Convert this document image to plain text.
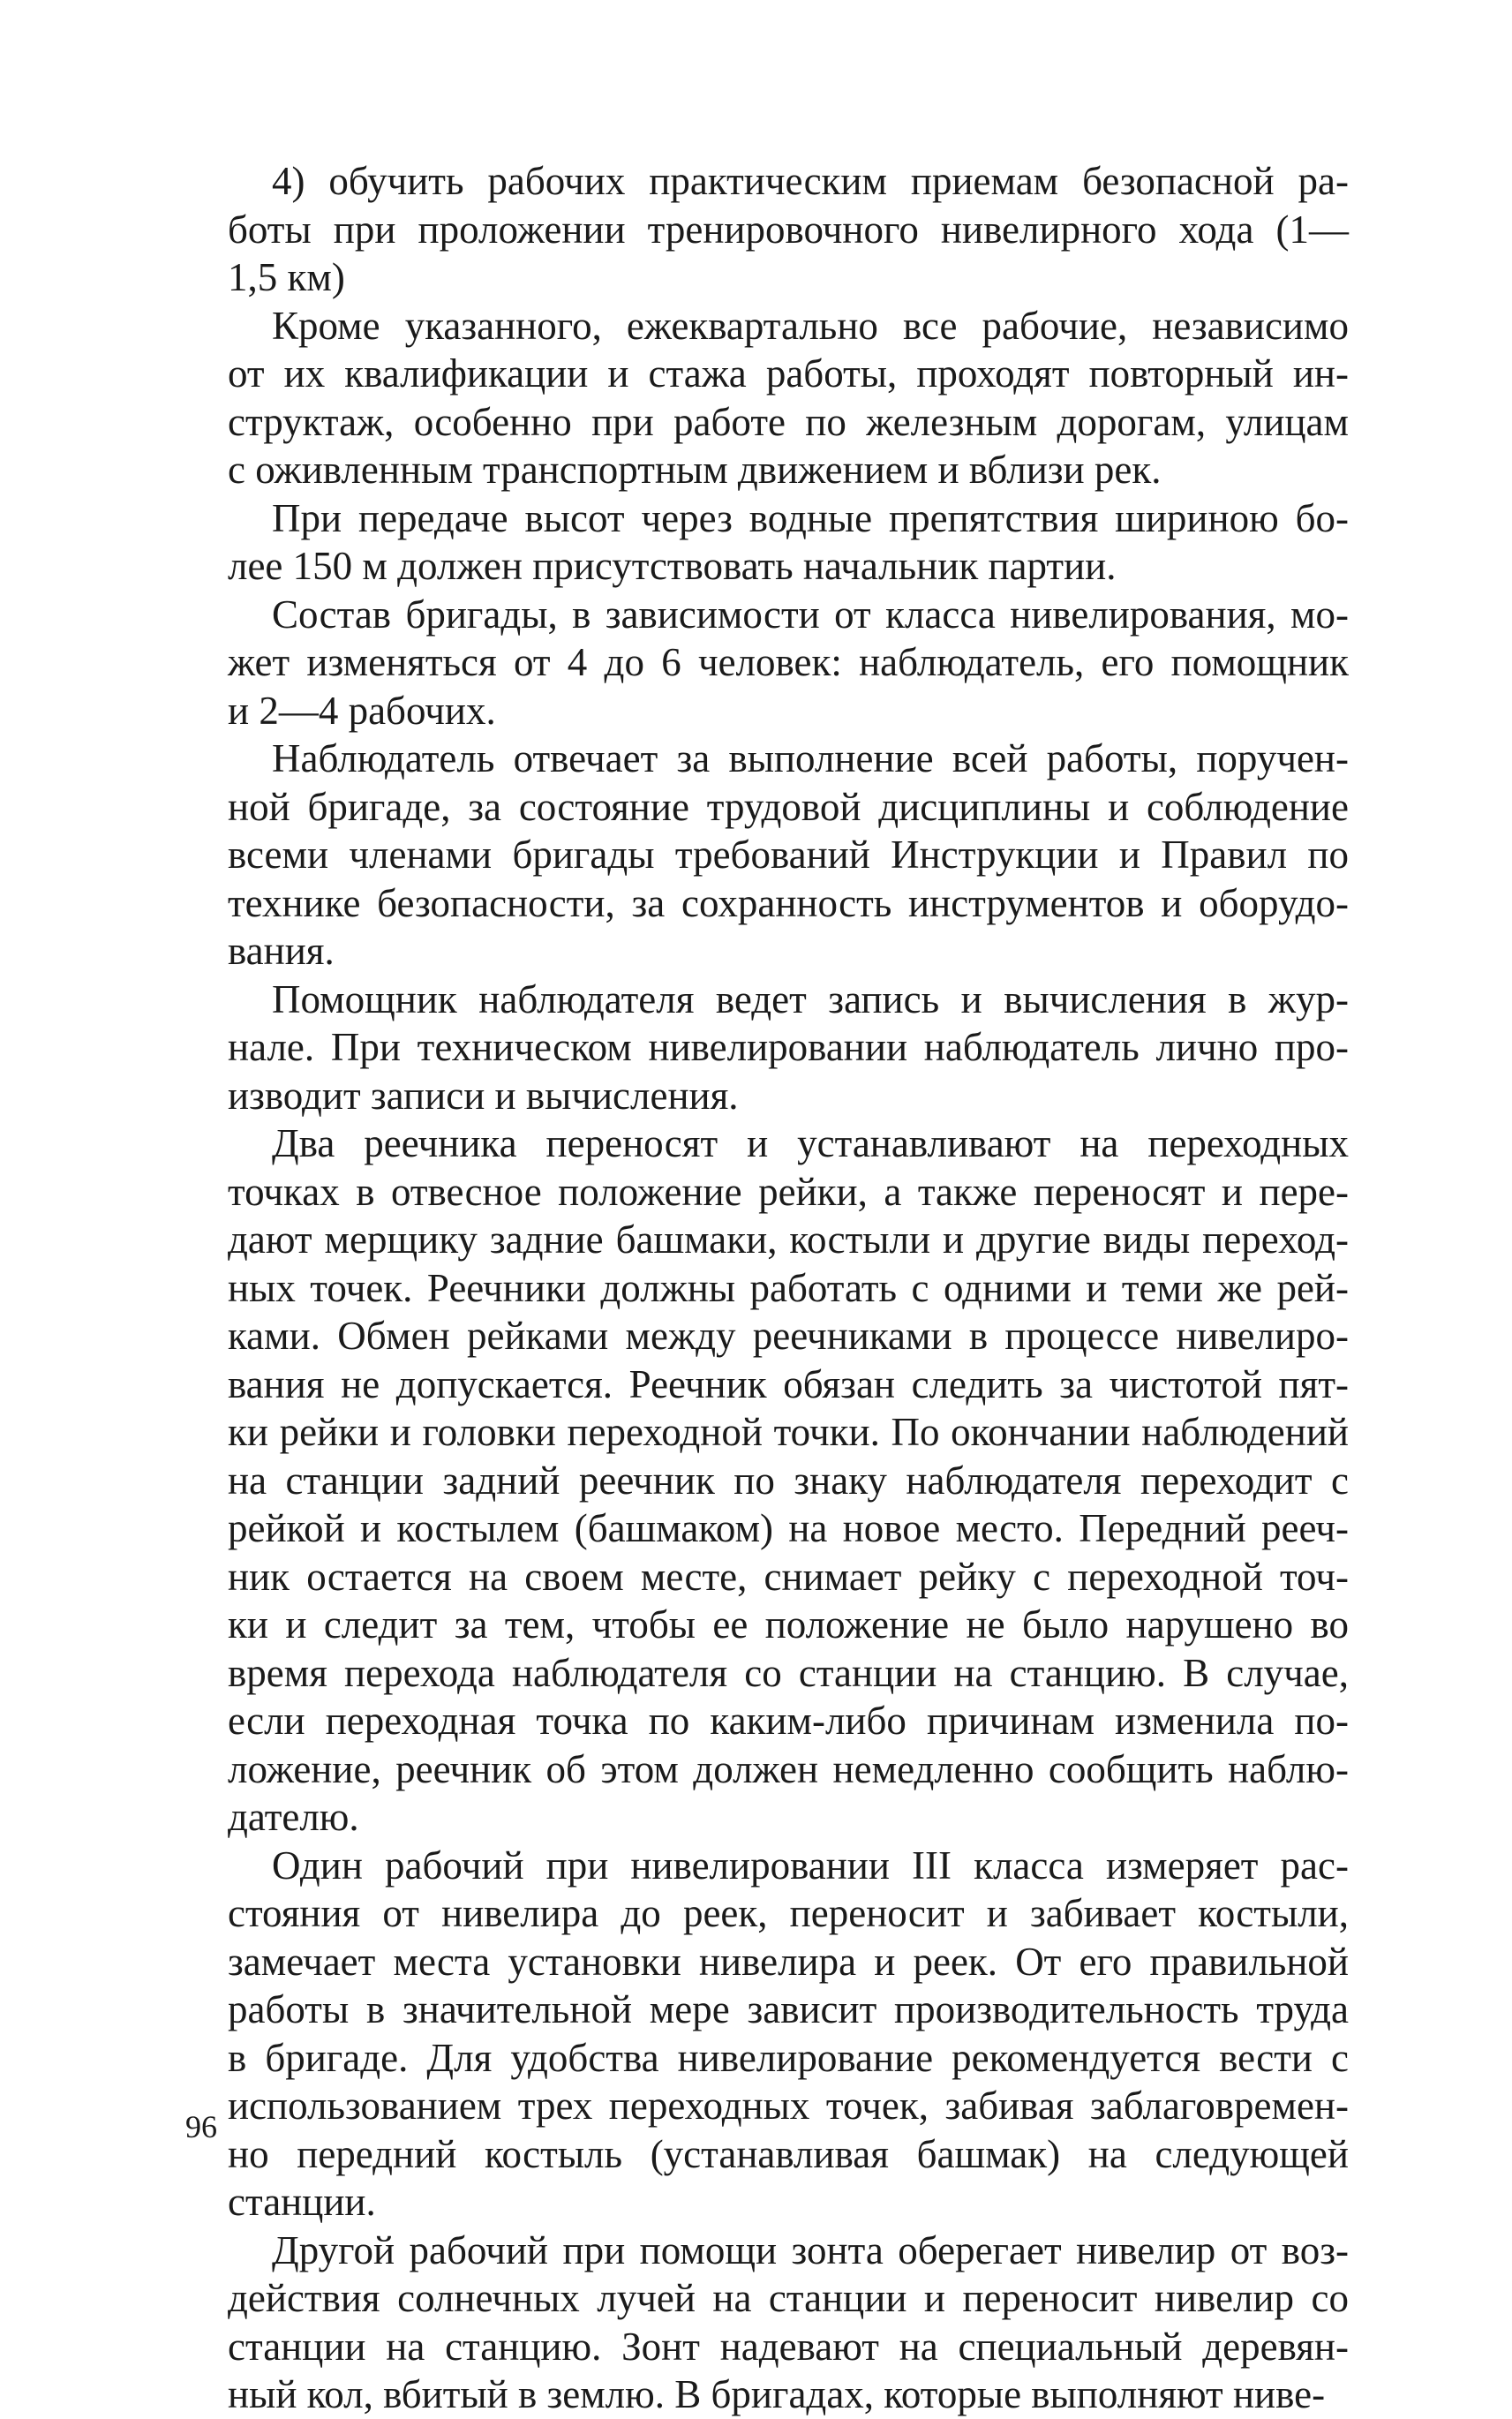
4) обучить рабочих практическим приемам безопасной ра-
боты при проложении тренировочного нивелирного хода (1—
1,5 км)
Кроме указанного, ежеквартально все рабочие, независимо
от их квалификации и стажа работы, проходят повторный ин-
структаж, особенно при работе по железным дорогам, улицам
с оживленным транспортным движением и вблизи рек.
При передаче высот через водные препятствия шириною бо-
лее 150 м должен присутствовать начальник партии.
Состав бригады, в зависимости от класса нивелирования, мо-
жет изменяться от 4 до 6 человек: наблюдатель, его помощник
и 2—4 рабочих.
Наблюдатель отвечает за выполнение всей работы, поручен-
ной бригаде, за состояние трудовой дисциплины и соблюдение
всеми членами бригады требований Инструкции и Правил по
технике безопасности, за сохранность инструментов и оборудо-
вания.
Помощник наблюдателя ведет запись и вычисления в жур-
нале. При техническом нивелировании наблюдатель лично про-
изводит записи и вычисления.
Два реечника переносят и устанавливают на переходных
точках в отвесное положение рейки, а также переносят и пере-
дают мерщику задние башмаки, костыли и другие виды переход-
ных точек. Реечники должны работать с одними и теми же рей-
ками. Обмен рейками между реечниками в процессе нивелиро-
вания не допускается. Реечник обязан следить за чистотой пят-
ки рейки и головки переходной точки. По окончании наблюдений
на станции задний реечник по знаку наблюдателя переходит с
рейкой и костылем (башмаком) на новое место. Передний рееч-
ник остается на своем месте, снимает рейку с переходной точ-
ки и следит за тем, чтобы ее положение не было нарушено во
время перехода наблюдателя со станции на станцию. В случае,
если переходная точка по каким-либо причинам изменила по-
ложение, реечник об этом должен немедленно сообщить наблю-
дателю.
Один рабочий при нивелировании III класса измеряет рас-
стояния от нивелира до реек, переносит и забивает костыли,
замечает места установки нивелира и реек. От его правильной
работы в значительной мере зависит производительность труда
в бригаде. Для удобства нивелирование рекомендуется вести с
использованием трех переходных точек, забивая заблаговремен-
но передний костыль (устанавливая башмак) на следующей
станции.
Другой рабочий при помощи зонта оберегает нивелир от воз-
действия солнечных лучей на станции и переносит нивелир со
станции на станцию. Зонт надевают на специальный деревян-
ный кол, вбитый в землю. В бригадах, которые выполняют ниве-
96
